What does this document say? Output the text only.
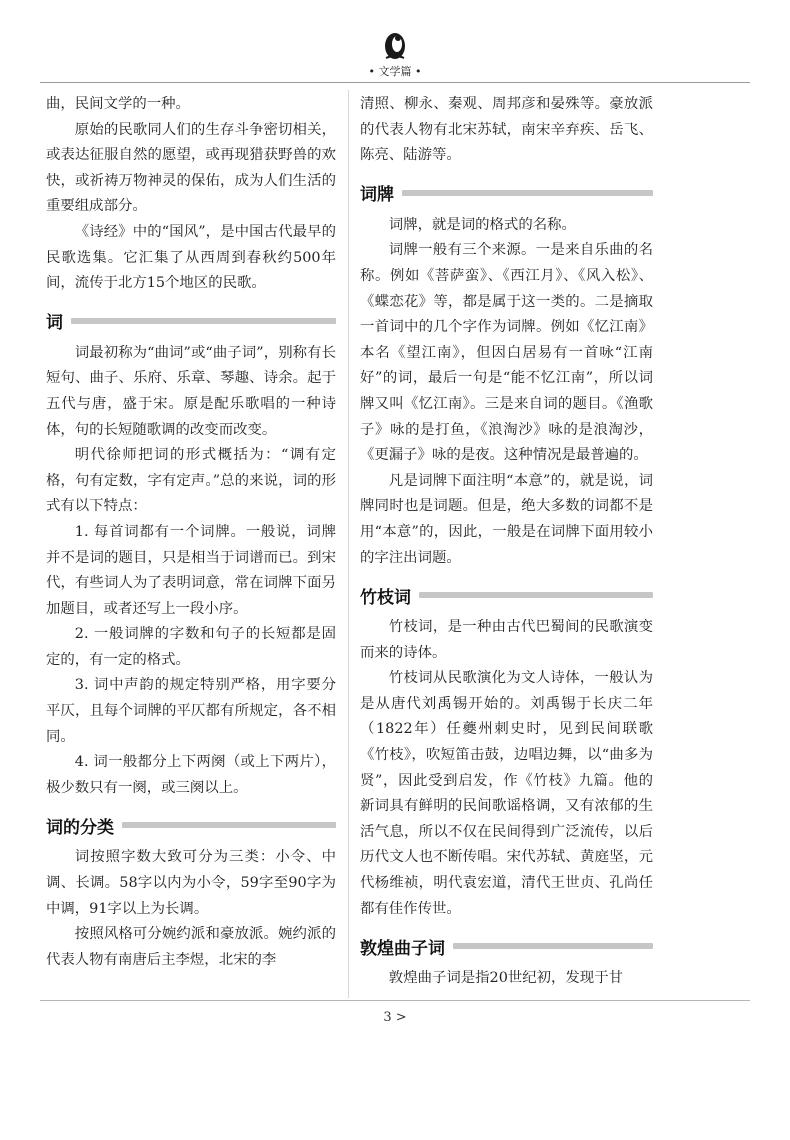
• 文学篇 •

曲，民间文学的一种。

原始的民歌同人们的生存斗争密切相关，或表达征服自然的愿望，或再现猎获野兽的欢快，或祈祷万物神灵的保佑，成为人们生活的重要组成部分。

《诗经》中的“国风”，是中国古代最早的民歌选集。它汇集了从西周到春秋约500年间，流传于北方15个地区的民歌。

词

词最初称为“曲词”或“曲子词”，别称有长短句、曲子、乐府、乐章、琴趣、诗余。起于五代与唐，盛于宋。原是配乐歌唱的一种诗体，句的长短随歌调的改变而改变。

明代徐师把词的形式概括为：“调有定格，句有定数，字有定声。”总的来说，词的形式有以下特点：

1. 每首词都有一个词牌。一般说，词牌并不是词的题目，只是相当于词谱而已。到宋代，有些词人为了表明词意，常在词牌下面另加题目，或者还写上一段小序。

2. 一般词牌的字数和句子的长短都是固定的，有一定的格式。

3. 词中声韵的规定特别严格，用字要分平仄，且每个词牌的平仄都有所规定，各不相同。

4. 词一般都分上下两阕（或上下两片），极少数只有一阕，或三阕以上。

词的分类

词按照字数大致可分为三类：小令、中调、长调。58字以内为小令，59字至90字为中调，91字以上为长调。

按照风格可分婉约派和豪放派。婉约派的代表人物有南唐后主李煜，北宋的李

清照、柳永、秦观、周邦彦和晏殊等。豪放派的代表人物有北宋苏轼，南宋辛弃疾、岳飞、陈亮、陆游等。

词牌

词牌，就是词的格式的名称。

词牌一般有三个来源。一是来自乐曲的名称。例如《菩萨蛮》、《西江月》、《风入松》、《蝶恋花》等，都是属于这一类的。二是摘取一首词中的几个字作为词牌。例如《忆江南》本名《望江南》，但因白居易有一首咏“江南好”的词，最后一句是“能不忆江南”，所以词牌又叫《忆江南》。三是来自词的题目。《渔歌子》咏的是打鱼，《浪淘沙》咏的是浪淘沙，《更漏子》咏的是夜。这种情况是最普遍的。

凡是词牌下面注明“本意”的，就是说，词牌同时也是词题。但是，绝大多数的词都不是用“本意”的，因此，一般是在词牌下面用较小的字注出词题。

竹枝词

竹枝词，是一种由古代巴蜀间的民歌演变而来的诗体。

竹枝词从民歌演化为文人诗体，一般认为是从唐代刘禹锡开始的。刘禹锡于长庆二年（1822年）任夔州刺史时，见到民间联歌《竹枝》，吹短笛击鼓，边唱边舞，以“曲多为贤”，因此受到启发，作《竹枝》九篇。他的新词具有鲜明的民间歌谣格调，又有浓郁的生活气息，所以不仅在民间得到广泛流传，以后历代文人也不断传唱。宋代苏轼、黄庭坚，元代杨维祯，明代袁宏道，清代王世贞、孔尚任都有佳作传世。

敦煌曲子词

敦煌曲子词是指20世纪初，发现于甘

3 >
